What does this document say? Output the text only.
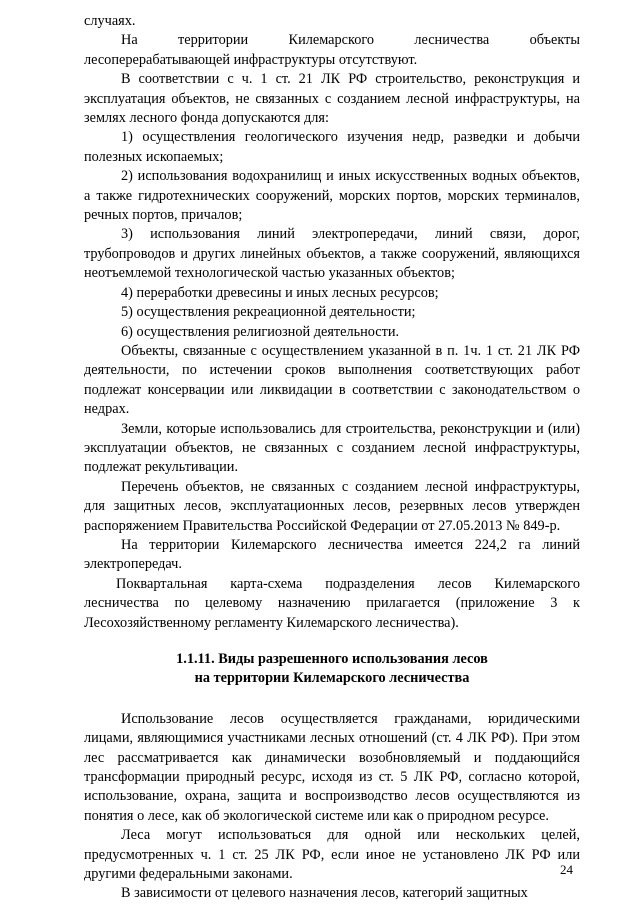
случаях.

На территории Килемарского лесничества объекты лесоперерабатывающей инфраструктуры отсутствуют.

В соответствии с ч. 1 ст. 21 ЛК РФ строительство, реконструкция и эксплуатация объектов, не связанных с созданием лесной инфраструктуры, на землях лесного фонда допускаются для:

1) осуществления геологического изучения недр, разведки и добычи полезных ископаемых;

2) использования водохранилищ и иных искусственных водных объектов, а также гидротехнических сооружений, морских портов, морских терминалов, речных портов, причалов;

3) использования линий электропередачи, линий связи, дорог, трубопроводов и других линейных объектов, а также сооружений, являющихся неотъемлемой технологической частью указанных объектов;

4) переработки древесины и иных лесных ресурсов;

5) осуществления рекреационной деятельности;

6) осуществления религиозной деятельности.

Объекты, связанные с осуществлением указанной в п. 1ч. 1 ст. 21 ЛК РФ деятельности, по истечении сроков выполнения соответствующих работ подлежат консервации или ликвидации в соответствии с законодательством о недрах.

Земли, которые использовались для строительства, реконструкции и (или) эксплуатации объектов, не связанных с созданием лесной инфраструктуры, подлежат рекультивации.

Перечень объектов, не связанных с созданием лесной инфраструктуры, для защитных лесов, эксплуатационных лесов, резервных лесов утвержден распоряжением Правительства Российской Федерации от 27.05.2013 № 849-р.

На территории Килемарского лесничества имеется 224,2 га линий электропередач.

Поквартальная карта-схема подразделения лесов Килемарского лесничества по целевому назначению прилагается (приложение 3 к Лесохозяйственному регламенту Килемарского лесничества).

1.1.11. Виды разрешенного использования лесов
на территории Килемарского лесничества

Использование лесов осуществляется гражданами, юридическими лицами, являющимися участниками лесных отношений (ст. 4 ЛК РФ). При этом лес рассматривается как динамически возобновляемый и поддающийся трансформации природный ресурс, исходя из ст. 5 ЛК РФ, согласно которой, использование, охрана, защита и воспроизводство лесов осуществляются из понятия о лесе, как об экологической системе или как о природном ресурсе.

Леса могут использоваться для одной или нескольких целей, предусмотренных ч. 1 ст. 25 ЛК РФ, если иное не установлено ЛК РФ или другими федеральными законами.

В зависимости от целевого назначения лесов, категорий защитных

24
